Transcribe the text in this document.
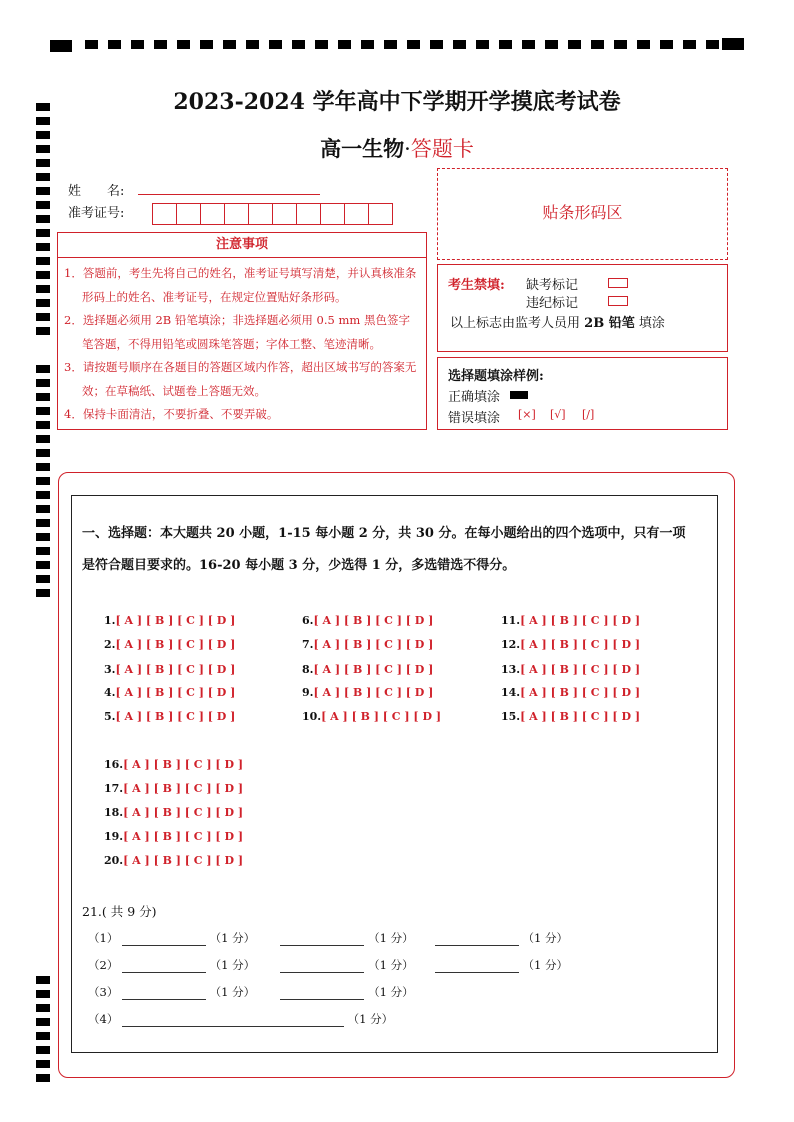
2023-2024 学年高中下学期开学摸底考试卷
高一生物·答题卡
姓　　名:
准考证号:
注意事项
1．答题前，考生先将自己的姓名，准考证号填写清楚，并认真核准条形码上的姓名、准考证号，在规定位置贴好条形码。
2．选择题必须用 2B 铅笔填涂；非选择题必须用 0.5 mm 黑色签字笔答题，不得用铅笔或圆珠笔答题；字体工整、笔迹清晰。
3．请按题号顺序在各题目的答题区域内作答，超出区域书写的答案无效；在草稿纸、试题卷上答题无效。
4．保持卡面清洁，不要折叠、不要弄破。
贴条形码区
考生禁填: 缺考标记
违纪标记
以上标志由监考人员用 2B 铅笔 填涂
选择题填涂样例:
正确填涂
错误填涂 [×] [√] [/]
一、选择题：本大题共 20 小题，1-15 每小题 2 分，共 30 分。在每小题给出的四个选项中，只有一项
是符合题目要求的。16-20 每小题 3 分，少选得 1 分，多选错选不得分。
1.[ A ] [ B ] [ C ] [ D ]
2.[ A ] [ B ] [ C ] [ D ]
3.[ A ] [ B ] [ C ] [ D ]
4.[ A ] [ B ] [ C ] [ D ]
5.[ A ] [ B ] [ C ] [ D ]
6.[ A ] [ B ] [ C ] [ D ]
7.[ A ] [ B ] [ C ] [ D ]
8.[ A ] [ B ] [ C ] [ D ]
9.[ A ] [ B ] [ C ] [ D ]
10.[ A ] [ B ] [ C ] [ D ]
11.[ A ] [ B ] [ C ] [ D ]
12.[ A ] [ B ] [ C ] [ D ]
13.[ A ] [ B ] [ C ] [ D ]
14.[ A ] [ B ] [ C ] [ D ]
15.[ A ] [ B ] [ C ] [ D ]
16.[ A ] [ B ] [ C ] [ D ]
17.[ A ] [ B ] [ C ] [ D ]
18.[ A ] [ B ] [ C ] [ D ]
19.[ A ] [ B ] [ C ] [ D ]
20.[ A ] [ B ] [ C ] [ D ]
21.( 共 9 分)
（1）	（1 分）	（1 分）	（1 分）
（2）	（1 分）	（1 分）	（1 分）
（3）	（1 分）	（1 分）
（4）	（1 分）
